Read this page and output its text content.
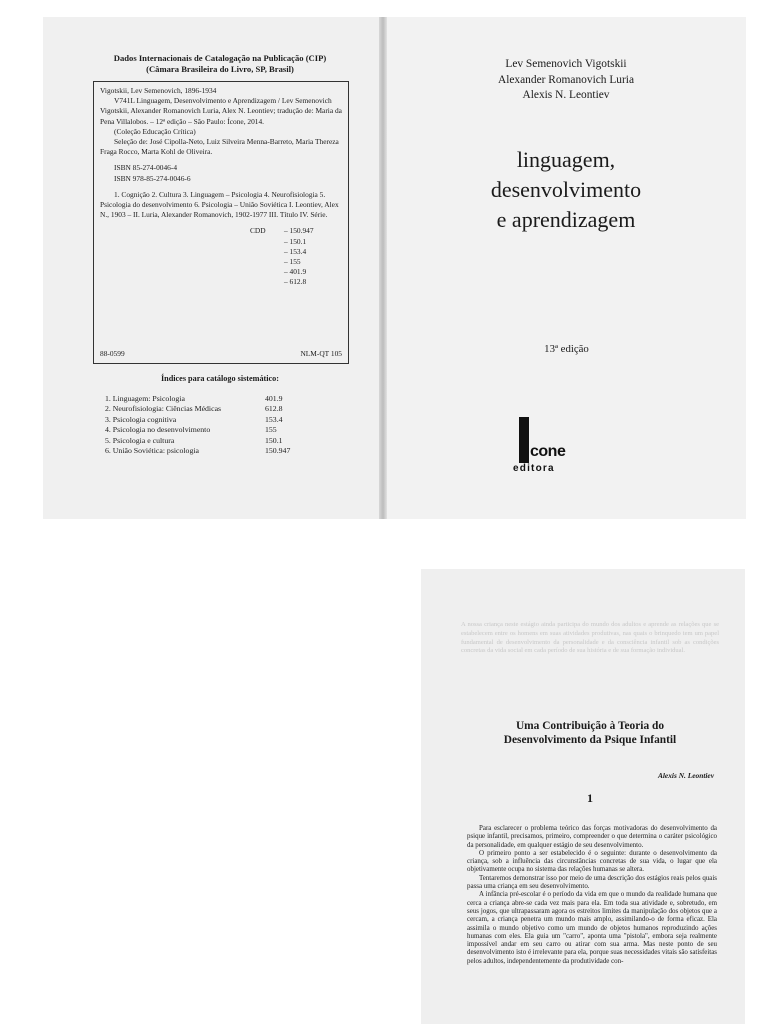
Dados Internacionais de Catalogação na Publicação (CIP)
(Câmara Brasileira do Livro, SP, Brasil)

Vigotskii, Lev Semenovich, 1896-1934

V741L Linguagem, Desenvolvimento e Aprendizagem / Lev Semenovich Vigotskii, Alexander Romanovich Luria, Alex N. Leontiev; tradução de: Maria da Pena Villalobos. – 12ª edição – São Paulo: Ícone, 2014.

(Coleção Educação Crítica)

Seleção de: José Cipolla-Neto, Luiz Silveira Menna-Barreto, Maria Thereza Fraga Rocco, Marta Kohl de Oliveira.

ISBN 85-274-0046-4

ISBN 978-85-274-0046-6

1. Cognição 2. Cultura 3. Linguagem – Psicologia 4. Neurofisiologia 5. Psicologia do desenvolvimento 6. Psicologia – União Soviética I. Leontiev, Alex N., 1903 – II. Luria, Alexander Romanovich, 1902-1977 III. Título IV. Série.

CDD	– 150.947
– 150.1
– 153.4
– 155
– 401.9
– 612.8
88-0599	NLM-QT 105
Índices para catálogo sistemático:
1. Linguagem: Psicologia	401.9
2. Neurofisiologia: Ciências Médicas	612.8
3. Psicologia cognitiva	153.4
4. Psicologia no desenvolvimento	155
5. Psicologia e cultura	150.1
6. União Soviética: psicologia	150.947
Lev Semenovich Vigotskii
Alexander Romanovich Luria
Alexis N. Leontiev
linguagem,
desenvolvimento
e aprendizagem
13ª edição
cone
editora

A nossa criança neste estágio ainda participa do mundo dos adultos e aprende as relações que se estabelecem entre os homens em suas atividades produtivas, nas quais o brinquedo tem um papel fundamental de desenvolvimento da personalidade e da consciência infantil sob as condições concretas da vida social em cada período de sua história e de sua formação individual.

Uma Contribuição à Teoria do
Desenvolvimento da Psique Infantil
Alexis N. Leontiev
1

Para esclarecer o problema teórico das forças motivadoras do desenvolvimento da psique infantil, precisamos, primeiro, compreender o que determina o caráter psicológico da personalidade, em qualquer estágio de seu desenvolvimento.

O primeiro ponto a ser estabelecido é o seguinte: durante o desenvolvimento da criança, sob a influência das circunstâncias concretas de sua vida, o lugar que ela objetivamente ocupa no sistema das relações humanas se altera.

Tentaremos demonstrar isso por meio de uma descrição dos estágios reais pelos quais passa uma criança em seu desenvolvimento.

A infância pré-escolar é o período da vida em que o mundo da realidade humana que cerca a criança abre-se cada vez mais para ela. Em toda sua atividade e, sobretudo, em seus jogos, que ultrapassaram agora os estreitos limites da manipulação dos objetos que a cercam, a criança penetra um mundo mais amplo, assimilando-o de forma eficaz. Ela assimila o mundo objetivo como um mundo de objetos humanos reproduzindo ações humanas com eles. Ela guia um "carro", aponta uma "pistola", embora seja realmente impossível andar em seu carro ou atirar com sua arma. Mas neste ponto de seu desenvolvimento isto é irrelevante para ela, porque suas necessidades vitais são satisfeitas pelos adultos, independentemente da produtividade con-
